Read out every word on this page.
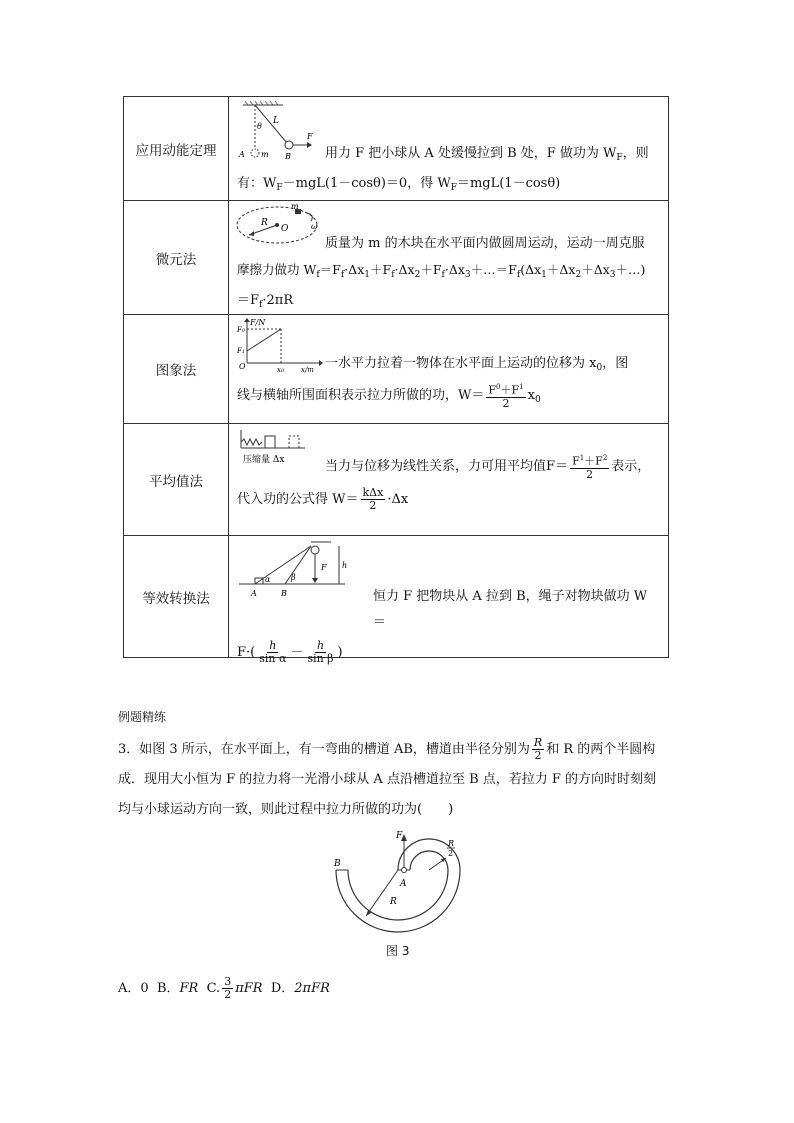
应用动能定理
L
θ
A m B
F
用力 F 把小球从 A 处缓慢拉到 B 处，F 做功为 $W_F$，则
有：$W_F-mgL(1-\cos\theta)=0$，得 $W_F=mgL(1-\cos\theta)$
微元法
R
O
m
ω
质量为 m 的木块在水平面内做圆周运动，运动一周克服
摩擦力做功 $W_f=F_f\cdot\Delta x_1+F_f\cdot\Delta x_2+F_f\cdot\Delta x_3+\dots=F_f(\Delta x_1+\Delta x_2+\Delta x_3+\dots)$
$=F_f\cdot 2\pi R$
图象法
F/N
F0
F1
O	x0 x/m 一水平力拉着一物体在水平面上运动的位移为 $x_0$，图
线与横轴所围面积表示拉力所做的功，$W= \frac{F^0+F^1}{2} x_0$
平均值法
压缩量 Δx	当力与位移为线性关系，力可用平均值$F= \frac{F^1+F^2}{2}$ 表示，
代入功的公式得 $W= \frac{\text{kΔx}}{2} \cdot\Delta x$
等效转换法
α	β
A	B
F h
恒力 F 把物块从 A 拉到 B，绳子对物块做功 W＝
$F\cdot( \frac{h}{\text{sin α}} - \frac{h}{\text{sin β}}$ )
例题精练
3．如图 3 所示，在水平面上，有一弯曲的槽道 AB，槽道由半径分别为 $\frac{R}{2}$ 和 R 的两个半圆构
成．现用大小恒为 F 的拉力将一光滑小球从 A 点沿槽道拉至 B 点，若拉力 F 的方向时时刻刻
均与小球运动方向一致，则此过程中拉力所做的功为(　　)
F
B
A
R
R
2
图 3
A．0 B．FR C. $\frac{3}{2}$ πFR D．2πFR
